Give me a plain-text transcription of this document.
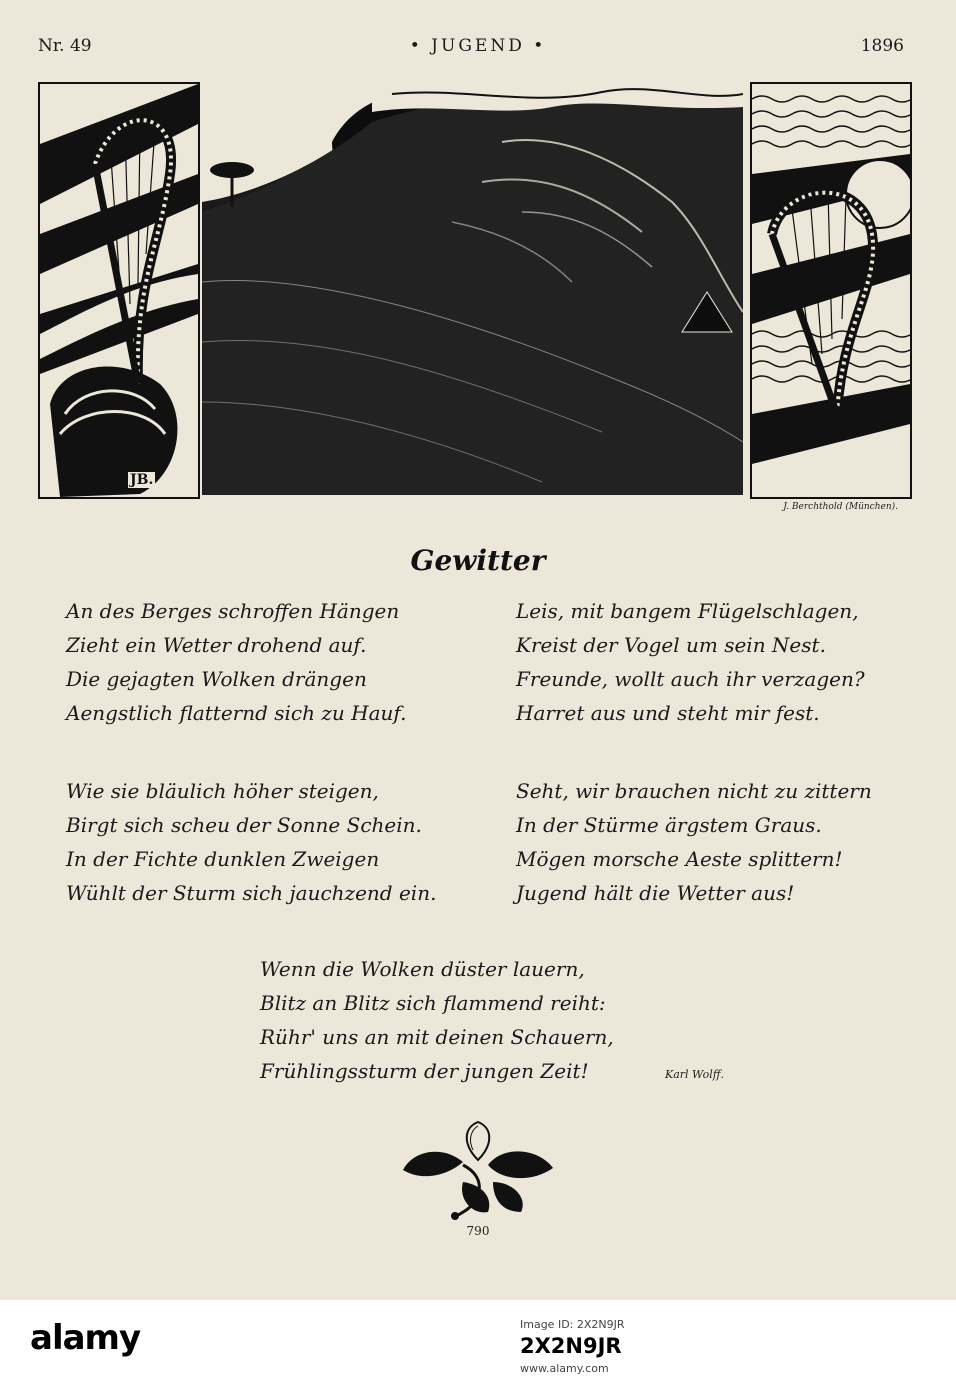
Nr. 49	• JUGEND •	1896
JB.
J. Berchthold (München).
Gewitter
An des Berges schroffen Hängen
Zieht ein Wetter drohend auf.
Die gejagten Wolken drängen
Aengstlich flatternd sich zu Hauf.
Leis, mit bangem Flügelschlagen,
Kreist der Vogel um sein Nest.
Freunde, wollt auch ihr verzagen?
Harret aus und steht mir fest.
Wie sie bläulich höher steigen,
Birgt sich scheu der Sonne Schein.
In der Fichte dunklen Zweigen
Wühlt der Sturm sich jauchzend ein.
Seht, wir brauchen nicht zu zittern
In der Stürme ärgstem Graus.
Mögen morsche Aeste splittern!
Jugend hält die Wetter aus!
Wenn die Wolken düster lauern,
Blitz an Blitz sich flammend reiht:
Rühr' uns an mit deinen Schauern,
Frühlingssturm der jungen Zeit!	Karl Wolff.
790
alamy	Image ID: 2X2N9JR
2X2N9JR
www.alamy.com
